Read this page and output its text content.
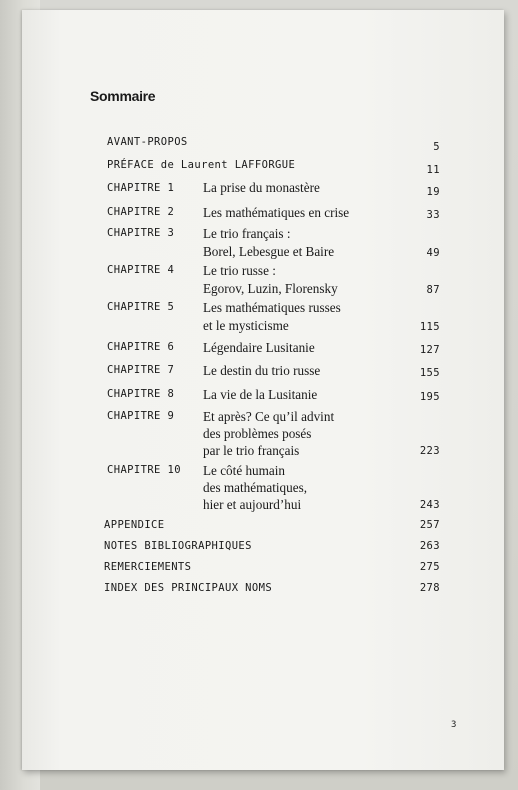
Sommaire
AVANT-PROPOS	5
PRÉFACE de Laurent LAFFORGUE	11
CHAPITRE 1 La prise du monastère	19
CHAPITRE 2 Les mathématiques en crise	33
CHAPITRE 3 Le trio français :
Borel, Lebesgue et Baire	49
CHAPITRE 4 Le trio russe :
Egorov, Luzin, Florensky	87
CHAPITRE 5 Les mathématiques russes
et le mysticisme	115
CHAPITRE 6 Légendaire Lusitanie	127
CHAPITRE 7 Le destin du trio russe	155
CHAPITRE 8 La vie de la Lusitanie	195
CHAPITRE 9 Et après? Ce qu’il advint
des problèmes posés
par le trio français	223
CHAPITRE 10 Le côté humain
des mathématiques,
hier et aujourd’hui	243
APPENDICE	257
NOTES BIBLIOGRAPHIQUES	263
REMERCIEMENTS	275
INDEX DES PRINCIPAUX NOMS	278
3
